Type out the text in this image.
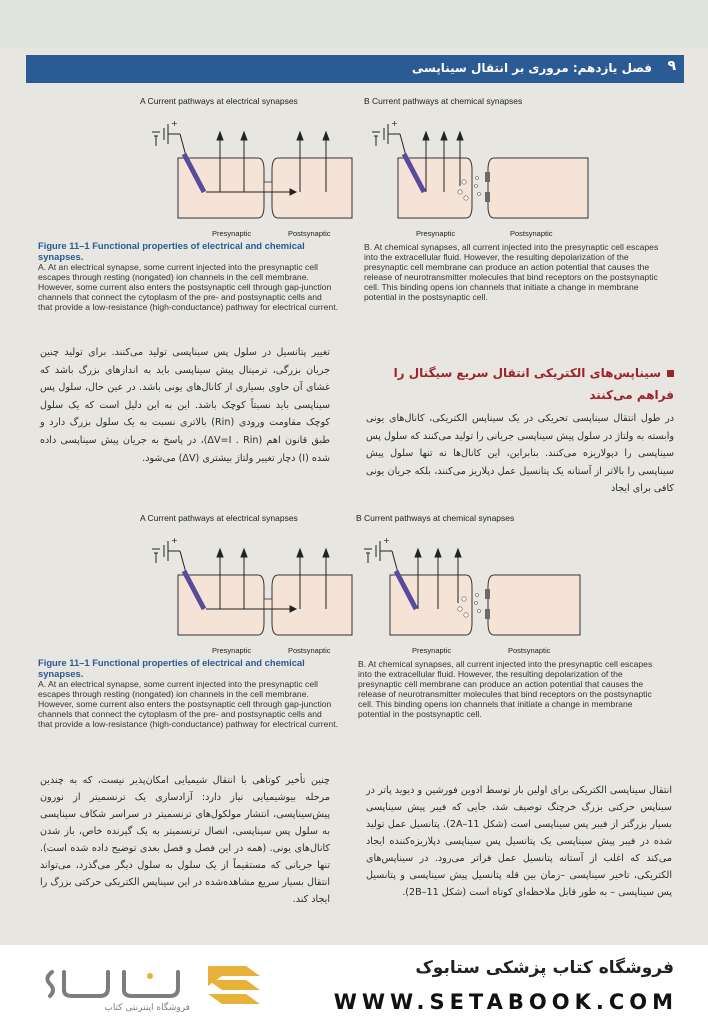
۹
فصل یازدهم: مروری بر انتقال سیناپسی
A Current pathways at electrical synapses
+
Presynaptic	Postsynaptic
B Current pathways at chemical synapses
+
Presynaptic	Postsynaptic
Figure 11–1 Functional properties of electrical and chemical synapses.
A. At an electrical synapse, some current injected into the presynaptic cell escapes through resting (nongated) ion channels in the cell membrane. However, some current also enters the postsynaptic cell through gap-junction channels that connect the cytoplasm of the pre- and postsynaptic cells and that provide a low-resistance (high-conductance) pathway for electrical current.
B. At chemical synapses, all current injected into the presynaptic cell escapes into the extracellular fluid. However, the resulting depolarization of the presynaptic cell membrane can produce an action potential that causes the release of neurotransmitter molecules that bind receptors on the postsynaptic cell. This binding opens ion channels that initiate a change in membrane potential in the postsynaptic cell.
تغییر پتانسیل در سلول پس سیناپسی تولید می‌کنند. برای تولید چنین جریان بزرگی، ترمینال پیش سیناپسی باید به اندازهای بزرگ باشد که غشای آن حاوی بسیاری از کانال‌های یونی باشد. در عین حال، سلول پس سیناپسی باید نسبتاً کوچک باشد. این به این دلیل است که یک سلول کوچک مقاومت ورودی (Rin) بالاتری نسبت به یک سلول بزرگ دارد و طبق قانون اهم (ΔV=I . Rin)، در پاسخ به جریان پیش سیناپسی داده شده (I) دچار تغییر ولتاژ بیشتری (ΔV) می‌شود.
سیناپس‌های الکتریکی انتقال سریع سیگنال را فراهم می‌کنند
در طول انتقال سیناپسی تحریکی در یک سیناپس الکتریکی، کانال‌های یونی وابسته به ولتاژ در سلول پیش سیناپسی جریانی را تولید می‌کنند که سلول پس سیناپسی را دپولاریزه می‌کنند. بنابراین، این کانال‌ها نه تنها سلول پیش سیناپسی را بالاتر از آستانه یک پتانسیل عمل دپلاریز می‌کنند، بلکه جریان یونی کافی برای ایجاد
A Current pathways at electrical synapses
+
Presynaptic	Postsynaptic
B Current pathways at chemical synapses
+
Presynaptic	Postsynaptic
Figure 11–1 Functional properties of electrical and chemical synapses.
A. At an electrical synapse, some current injected into the presynaptic cell escapes through resting (nongated) ion channels in the cell membrane. However, some current also enters the postsynaptic cell through gap-junction channels that connect the cytoplasm of the pre- and postsynaptic cells and that provide a low-resistance (high-conductance) pathway for electrical current.
B. At chemical synapses, all current injected into the presynaptic cell escapes into the extracellular fluid. However, the resulting depolarization of the presynaptic cell membrane can produce an action potential that causes the release of neurotransmitter molecules that bind receptors on the postsynaptic cell. This binding opens ion channels that initiate a change in membrane potential in the postsynaptic cell.
چنین تأخیر کوتاهی با انتقال شیمیایی امکان‌پذیر نیست، که به چندین مرحله بیوشیمیایی نیاز دارد: آزادسازی یک ترنسمیتر از نورون پیش‌سیناپسی، انتشار مولکول‌های ترنسمیتر در سراسر شکاف سیناپسی به سلول پس سیناپسی، اتصال ترنسمیتر به یک گیرنده خاص، باز شدن کانال‌های یونی. (همه در این فصل و فصل بعدی توضیح داده شده است). تنها جریانی که مستقیماً از یک سلول به سلول دیگر می‌گذرد، می‌تواند انتقال بسیار سریع مشاهده‌شده در این سیناپس الکتریکی حرکتی بزرگ را ایجاد کند.
انتقال سیناپسی الکتریکی برای اولین بار توسط ادوین فورشین و دیوید پاتر در سیناپس حرکتی بزرگ خرچنگ توصیف شد، جایی که فیبر پیش سیناپسی بسیار بزرگتر از فیبر پس سیناپسی است (شکل 11–2A). پتانسیل عمل تولید شده در فیبر پیش سیناپسی یک پتانسیل پس سیناپسی دپلاریزه‌کننده ایجاد می‌کند که اغلب از آستانه پتانسیل عمل فراتر می‌رود. در سیناپس‌های الکتریکی، تاخیر سیناپسی –زمان بین قله پتانسیل پیش سیناپسی و پتانسیل پس سیناپسی – به طور قابل ملاحظه‌ای کوتاه است (شکل 11–2B).
فروشگاه اینترنتی کتاب
فروشگاه کتاب پزشکی ستابوک
WWW.SETABOOK.COM
